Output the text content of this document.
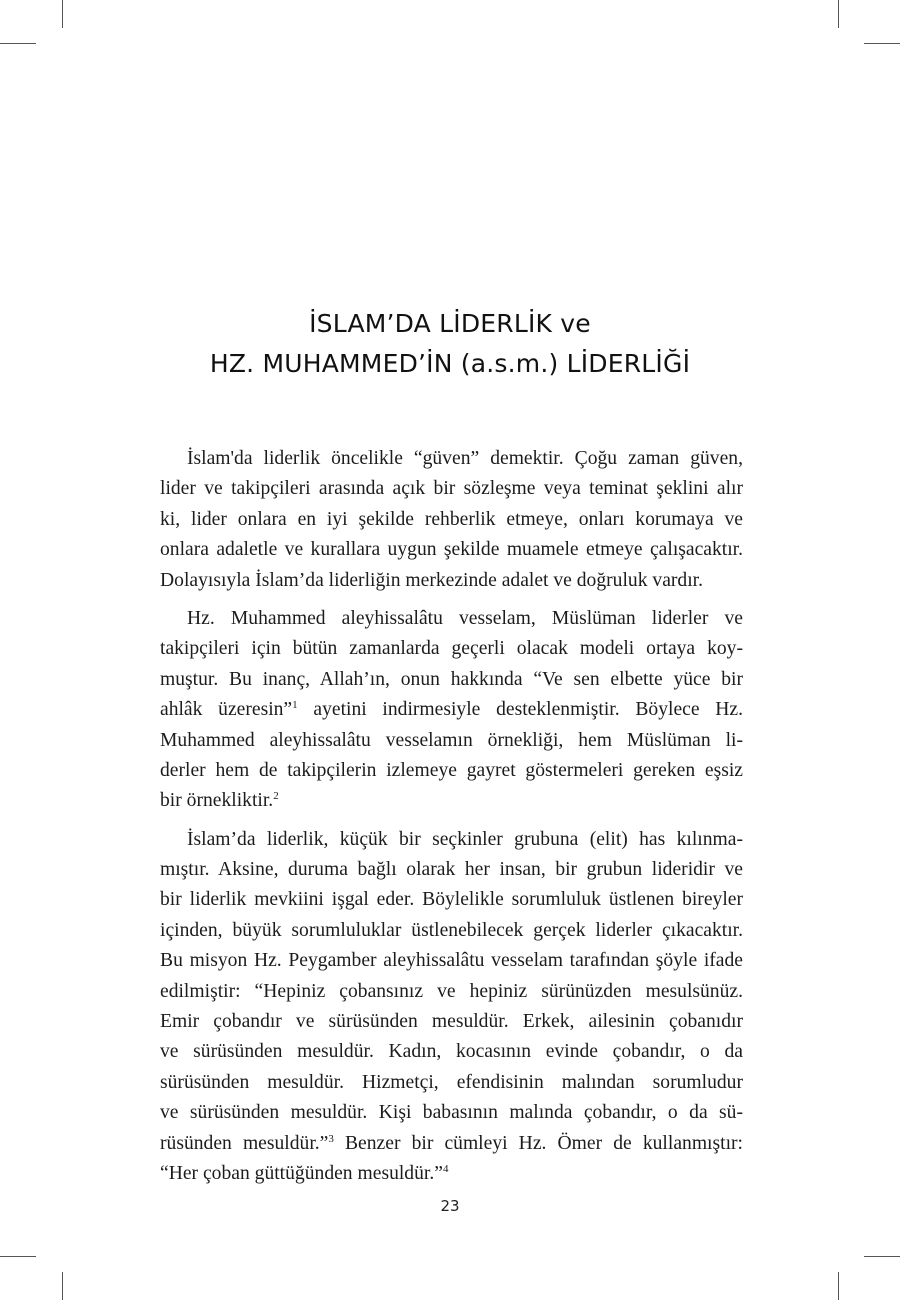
İSLAM’DA LİDERLİK ve
HZ. MUHAMMED’İN (a.s.m.) LİDERLİĞİ
İslam'da liderlik öncelikle “güven” demektir. Çoğu zaman güven,
lider ve takipçileri arasında açık bir sözleşme veya teminat şeklini alır
ki, lider onlara en iyi şekilde rehberlik etmeye, onları korumaya ve
onlara adaletle ve kurallara uygun şekilde muamele etmeye çalışacaktır.
Dolayısıyla İslam’da liderliğin merkezinde adalet ve doğruluk vardır.
Hz. Muhammed aleyhissalâtu vesselam, Müslüman liderler ve
takipçileri için bütün zamanlarda geçerli olacak modeli ortaya koy-
muştur. Bu inanç, Allah’ın, onun hakkında “Ve sen elbette yüce bir
ahlâk üzeresin”$^1$ ayetini indirmesiyle desteklenmiştir. Böylece Hz.
Muhammed aleyhissalâtu vesselamın örnekliği, hem Müslüman li-
derler hem de takipçilerin izlemeye gayret göstermeleri gereken eşsiz
bir örnekliktir.$^2$
İslam’da liderlik, küçük bir seçkinler grubuna (elit) has kılınma-
mıştır. Aksine, duruma bağlı olarak her insan, bir grubun lideridir ve
bir liderlik mevkiini işgal eder. Böylelikle sorumluluk üstlenen bireyler
içinden, büyük sorumluluklar üstlenebilecek gerçek liderler çıkacaktır.
Bu misyon Hz. Peygamber aleyhissalâtu vesselam tarafından şöyle ifade
edilmiştir: “Hepiniz çobansınız ve hepiniz sürünüzden mesulsünüz.
Emir çobandır ve sürüsünden mesuldür. Erkek, ailesinin çobanıdır
ve sürüsünden mesuldür. Kadın, kocasının evinde çobandır, o da
sürüsünden mesuldür. Hizmetçi, efendisinin malından sorumludur
ve sürüsünden mesuldür. Kişi babasının malında çobandır, o da sü-
rüsünden mesuldür.”$^3$ Benzer bir cümleyi Hz. Ömer de kullanmıştır:
“Her çoban güttüğünden mesuldür.”$^4$
23
